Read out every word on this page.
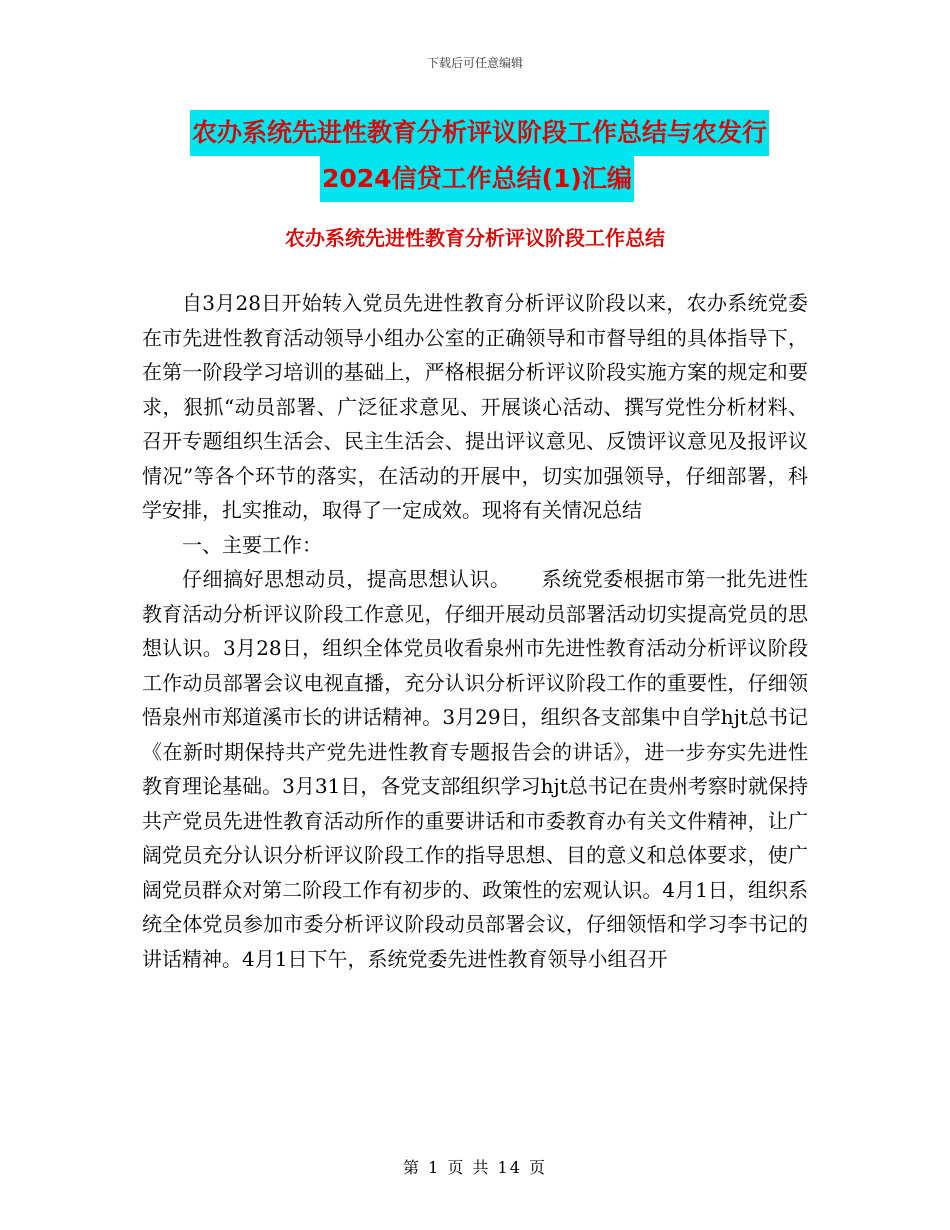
下载后可任意编辑
农办系统先进性教育分析评议阶段工作总结与农发行
2024信贷工作总结(1)汇编
农办系统先进性教育分析评议阶段工作总结

自3月28日开始转入党员先进性教育分析评议阶段以来，农办系统党委在市先进性教育活动领导小组办公室的正确领导和市督导组的具体指导下，在第一阶段学习培训的基础上，严格根据分析评议阶段实施方案的规定和要求，狠抓“动员部署、广泛征求意见、开展谈心活动、撰写党性分析材料、召开专题组织生活会、民主生活会、提出评议意见、反馈评议意见及报评议情况”等各个环节的落实，在活动的开展中，切实加强领导，仔细部署，科学安排，扎实推动，取得了一定成效。现将有关情况总结

一、主要工作：

仔细搞好思想动员，提高思想认识。　　系统党委根据市第一批先进性教育活动分析评议阶段工作意见，仔细开展动员部署活动切实提高党员的思想认识。3月28日，组织全体党员收看泉州市先进性教育活动分析评议阶段工作动员部署会议电视直播，充分认识分析评议阶段工作的重要性，仔细领悟泉州市郑道溪市长的讲话精神。3月29日，组织各支部集中自学hjt总书记《在新时期保持共产党先进性教育专题报告会的讲话》，进一步夯实先进性教育理论基础。3月31日，各党支部组织学习hjt总书记在贵州考察时就保持共产党员先进性教育活动所作的重要讲话和市委教育办有关文件精神，让广阔党员充分认识分析评议阶段工作的指导思想、目的意义和总体要求，使广阔党员群众对第二阶段工作有初步的、政策性的宏观认识。4月1日，组织系统全体党员参加市委分析评议阶段动员部署会议，仔细领悟和学习李书记的讲话精神。4月1日下午，系统党委先进性教育领导小组召开

第 1 页 共 14 页
